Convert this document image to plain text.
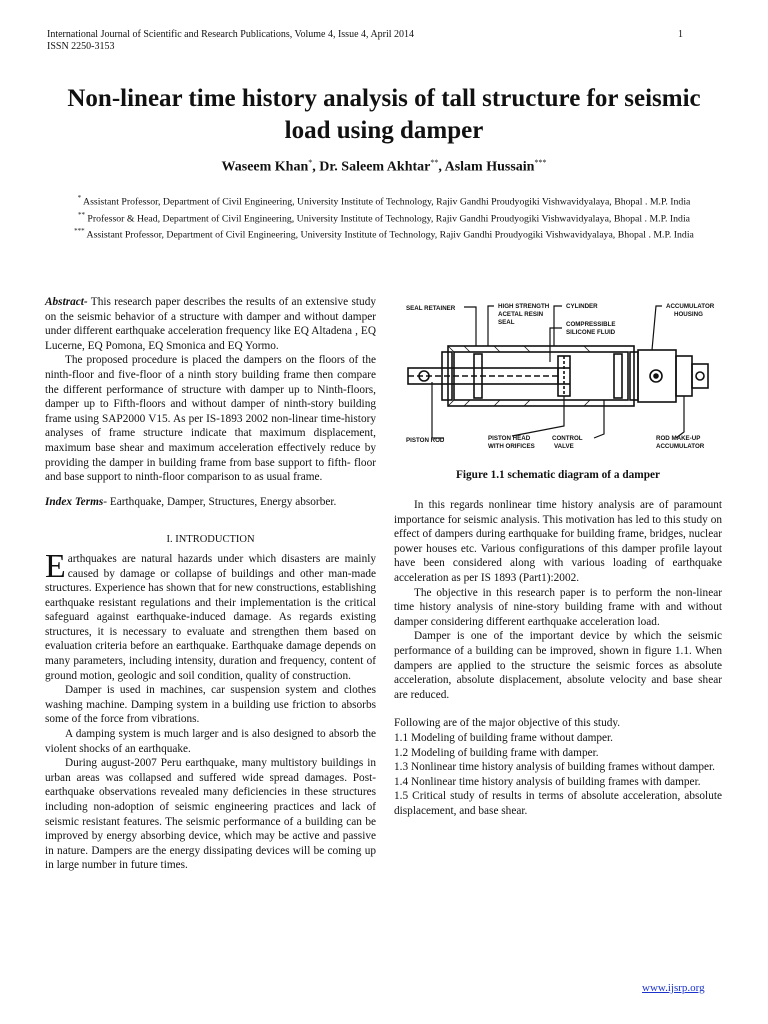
International Journal of Scientific and Research Publications, Volume 4, Issue 4, April 2014
ISSN 2250-3153
1
Non-linear time history analysis of tall structure for seismic load using damper
Waseem Khan*, Dr. Saleem Akhtar**, Aslam Hussain***
* Assistant Professor, Department of Civil Engineering, University Institute of Technology, Rajiv Gandhi Proudyogiki Vishwavidyalaya, Bhopal . M.P. India
** Professor & Head, Department of Civil Engineering, University Institute of Technology, Rajiv Gandhi Proudyogiki Vishwavidyalaya, Bhopal . M.P. India
*** Assistant Professor, Department of Civil Engineering, University Institute of Technology, Rajiv Gandhi Proudyogiki Vishwavidyalaya, Bhopal . M.P. India

Abstract- This research paper describes the results of an extensive study on the seismic behavior of a structure with damper and without damper under different earthquake acceleration frequency like EQ Altadena , EQ Lucerne, EQ Pomona, EQ Smonica and EQ Yormo.

The proposed procedure is placed the dampers on the floors of the ninth-floor and five-floor of a ninth story building frame then compare the different performance of structure with damper up to Ninth-floors, damper up to Fifth-floors and without damper of ninth-story building frame using SAP2000 V15. As per IS-1893 2002 non-linear time-history analyses of frame structure indicate that maximum displacement, maximum base shear and maximum acceleration effectively reduce by providing the damper in building frame from base support to fifth- floor and base support to ninth-floor comparison to as usual frame.

Index Terms- Earthquake, Damper, Structures, Energy absorber.

I. INTRODUCTION

Earthquakes are natural hazards under which disasters are mainly caused by damage or collapse of buildings and other man-made structures. Experience has shown that for new constructions, establishing earthquake resistant regulations and their implementation is the critical safeguard against earthquake-induced damage. As regards existing structures, it is necessary to evaluate and strengthen them based on evaluation criteria before an earthquake. Earthquake damage depends on many parameters, including intensity, duration and frequency, content of ground motion, geologic and soil condition, quality of construction.

Damper is used in machines, car suspension system and clothes washing machine. Damping system in a building use friction to absorbs some of the force from vibrations.

A damping system is much larger and is also designed to absorb the violent shocks of an earthquake.

During august-2007 Peru earthquake, many multistory buildings in urban areas was collapsed and suffered wide spread damages. Post-earthquake observations revealed many deficiencies in these structures including non-adoption of seismic engineering practices and lack of seismic resistant features. The seismic performance of a building can be improved by energy absorbing device, which may be active and passive in nature. Dampers are the energy dissipating devices will be coming up in large number in future times.

SEAL RETAINER	HIGH STRENGTH
ACETAL RESIN
SEAL
CYLINDER
COMPRESSIBLE
SILICONE FLUID
ACCUMULATOR
HOUSING
PISTON ROD	PISTON HEAD
WITH ORIFICES
CONTROL
VALVE
ROD MAKE-UP
ACCUMULATOR
Figure 1.1 schematic diagram of a damper

In this regards nonlinear time history analysis are of paramount importance for seismic analysis. This motivation has led to this study on effect of dampers during earthquake for building frame, bridges, nuclear power houses etc. Various configurations of this damper profile layout have been considered along with various loading of earthquake acceleration as per IS 1893 (Part1):2002.

The objective in this research paper is to perform the non-linear time history analysis of nine-story building frame with and without damper considering different earthquake acceleration load.

Damper is one of the important device by which the seismic performance of a building can be improved, shown in figure 1.1. When dampers are applied to the structure the seismic forces as absolute acceleration, absolute displacement, absolute velocity and base shear are reduced.

Following are of the major objective of this study.

1.1 Modeling of building frame without damper.

1.2 Modeling of building frame with damper.

1.3 Nonlinear time history analysis of building frames without damper.

1.4 Nonlinear time history analysis of building frames with damper.

1.5 Critical study of results in terms of absolute acceleration, absolute displacement, and base shear.

www.ijsrp.org
